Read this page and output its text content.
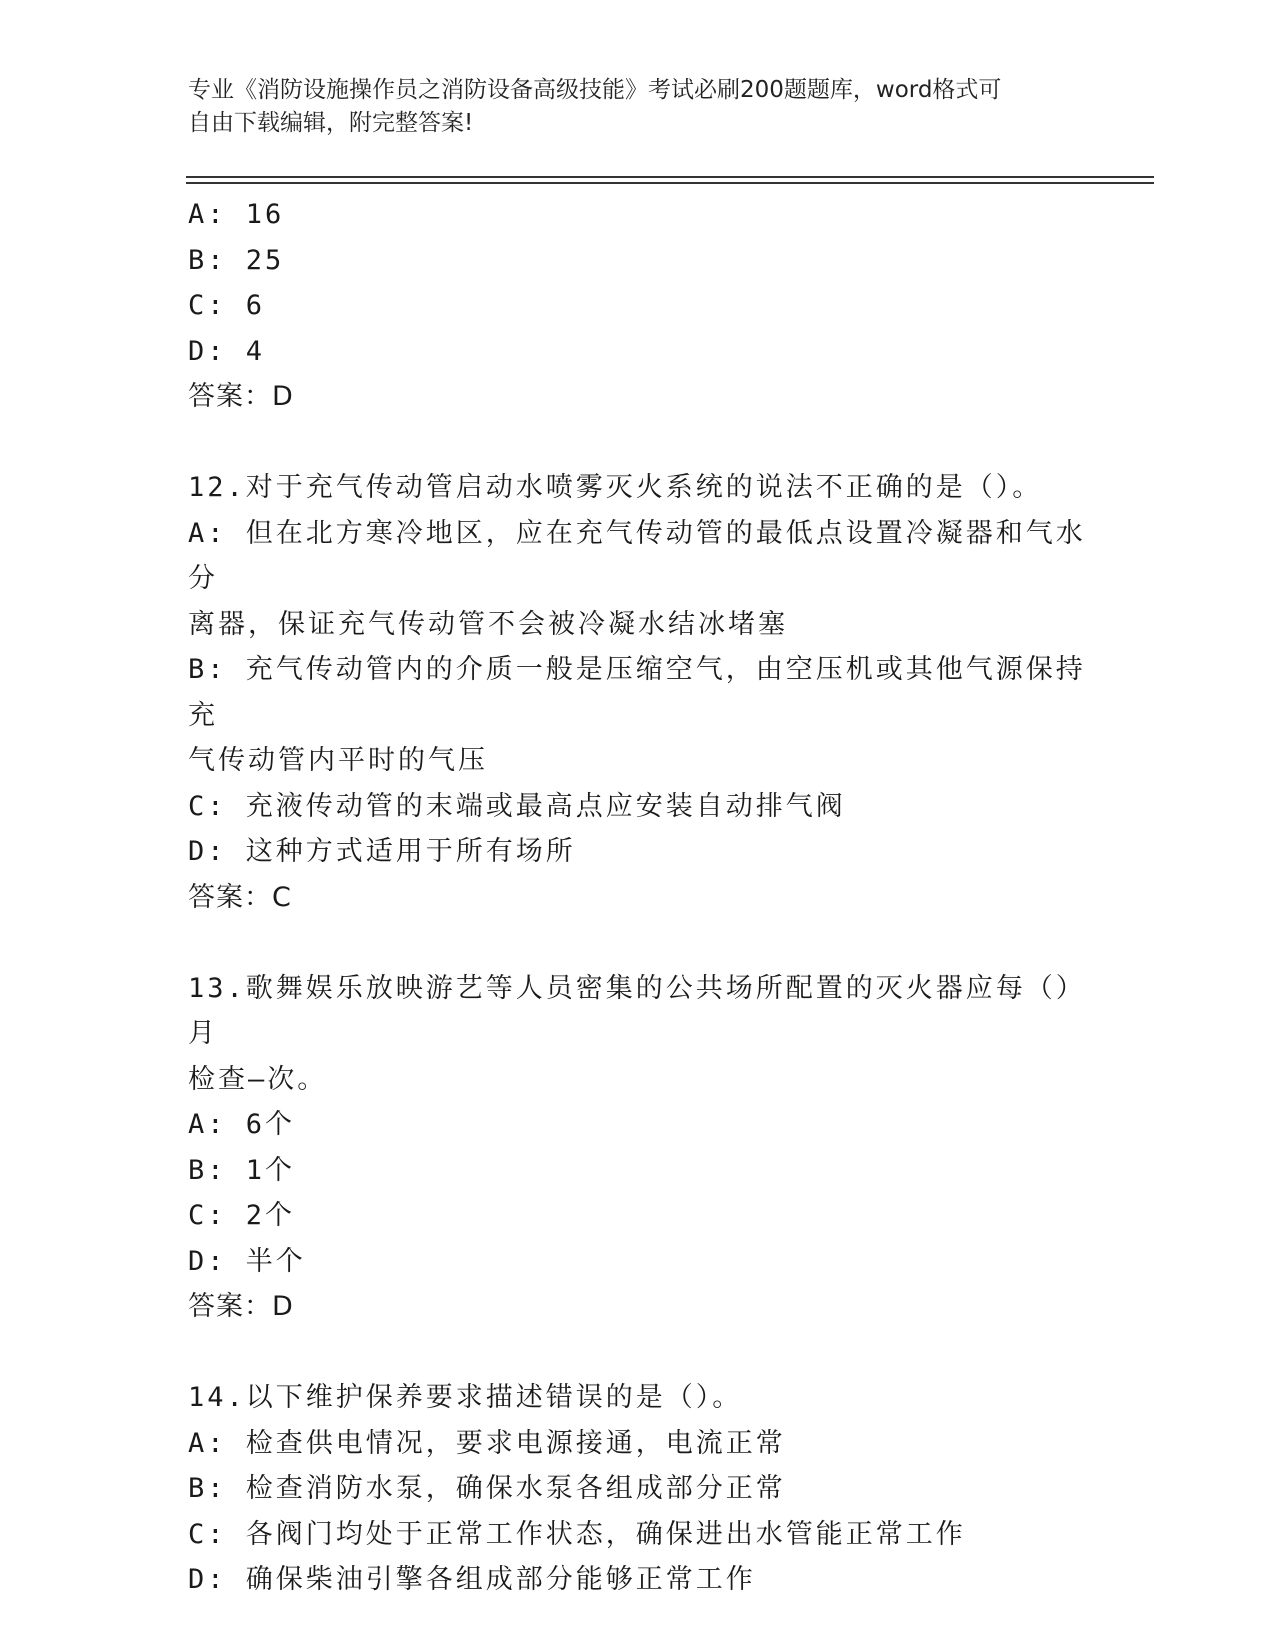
专业《消防设施操作员之消防设备高级技能》考试必刷200题题库，word格式可
自由下载编辑，附完整答案!
A: 16
B: 25
C: 6
D: 4
答案：D
12.对于充气传动管启动水喷雾灭火系统的说法不正确的是（）。
A: 但在北方寒冷地区，应在充气传动管的最低点设置冷凝器和气水分
离器，保证充气传动管不会被冷凝水结冰堵塞
B: 充气传动管内的介质一般是压缩空气，由空压机或其他气源保持充
气传动管内平时的气压
C: 充液传动管的末端或最高点应安装自动排气阀
D: 这种方式适用于所有场所
答案：C
13.歌舞娱乐放映游艺等人员密集的公共场所配置的灭火器应每（）月
检查—次。
A: 6个
B: 1个
C: 2个
D: 半个
答案：D
14.以下维护保养要求描述错误的是（）。
A: 检查供电情况，要求电源接通，电流正常
B: 检查消防水泵，确保水泵各组成部分正常
C: 各阀门均处于正常工作状态，确保进出水管能正常工作
D: 确保柴油引擎各组成部分能够正常工作
